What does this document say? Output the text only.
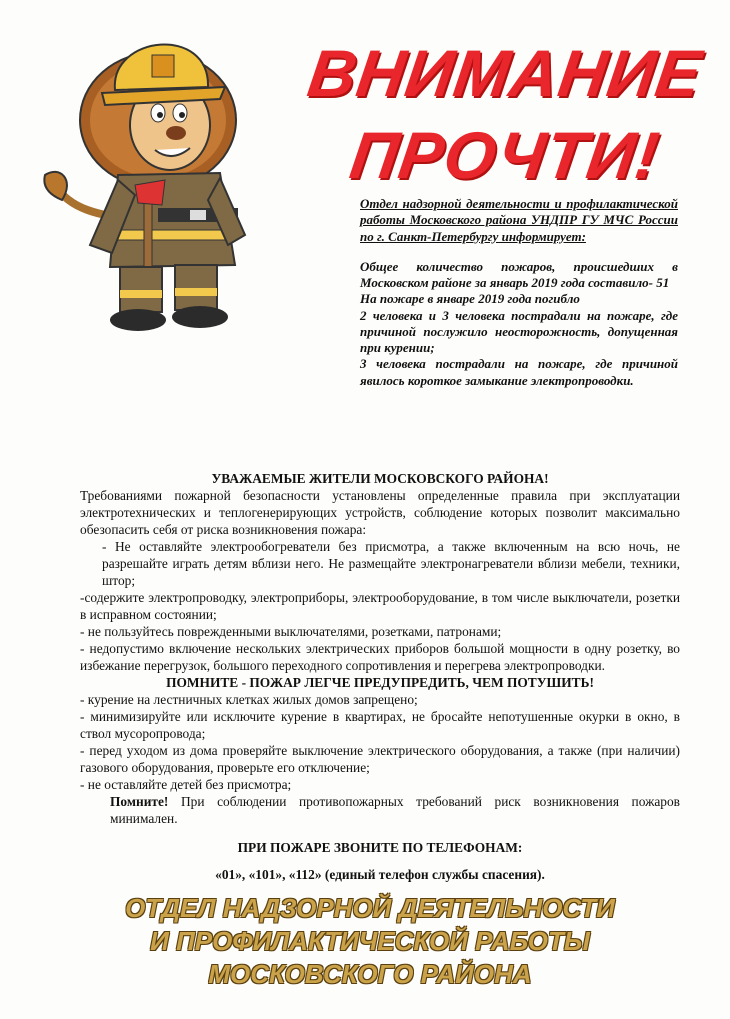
ВНИМАНИЕ
ПРОЧТИ!

Отдел надзорной деятельности и профилактической работы Московского района УНДПР ГУ МЧС России по г. Санкт-Петербургу информирует:

Общее количество пожаров, происшедших в Московском районе за январь 2019 года составило- 51

На пожаре в январе 2019 года погибло

2 человека и 3 человека пострадали на пожаре, где причиной послужило неосторожность, допущенная при курении;

3 человека пострадали на пожаре, где причиной явилось короткое замыкание электропроводки.

УВАЖАЕМЫЕ ЖИТЕЛИ МОСКОВСКОГО РАЙОНА!

Требованиями пожарной безопасности установлены определенные правила при эксплуатации электротехнических и теплогенерирующих устройств, соблюдение которых позволит максимально обезопасить себя от риска возникновения пожара:

- Не оставляйте электрообогреватели без присмотра, а также включенным на всю ночь, не разрешайте играть детям вблизи него. Не размещайте электронагреватели вблизи мебели, техники, штор;

-содержите электропроводку, электроприборы, электрооборудование, в том числе выключатели, розетки в исправном состоянии;

- не пользуйтесь поврежденными выключателями, розетками, патронами;

- недопустимо включение нескольких электрических приборов большой мощности в одну розетку, во избежание перегрузок, большого переходного сопротивления и перегрева электропроводки.

ПОМНИТЕ - ПОЖАР ЛЕГЧЕ ПРЕДУПРЕДИТЬ, ЧЕМ ПОТУШИТЬ!

- курение на лестничных клетках жилых домов запрещено;

- минимизируйте или исключите курение в квартирах, не бросайте непотушенные окурки в окно, в ствол мусоропровода;

- перед уходом из дома проверяйте выключение электрического оборудования, а также (при наличии) газового оборудования, проверьте его отключение;

- не оставляйте детей без присмотра;

Помните! При соблюдении противопожарных требований риск возникновения пожаров минимален.

ПРИ ПОЖАРЕ ЗВОНИТЕ ПО ТЕЛЕФОНАМ:

«01», «101», «112» (единый телефон службы спасения).

ОТДЕЛ НАДЗОРНОЙ ДЕЯТЕЛЬНОСТИ
И ПРОФИЛАКТИЧЕСКОЙ РАБОТЫ
МОСКОВСКОГО РАЙОНА
